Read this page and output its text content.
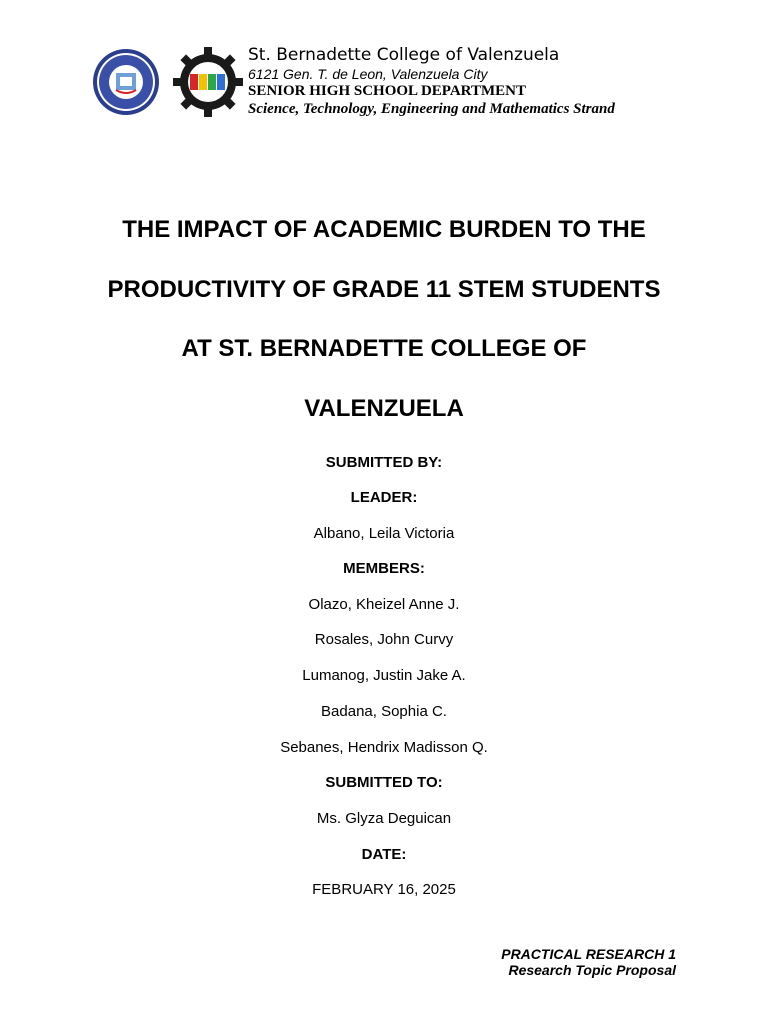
St. Bernadette College of Valenzuela
6121 Gen. T. de Leon, Valenzuela City
SENIOR HIGH SCHOOL DEPARTMENT
Science, Technology, Engineering and Mathematics Strand
THE IMPACT OF ACADEMIC BURDEN TO THE
PRODUCTIVITY OF GRADE 11 STEM STUDENTS
AT ST. BERNADETTE COLLEGE OF
VALENZUELA
SUBMITTED BY:
LEADER:
Albano, Leila Victoria
MEMBERS:
Olazo, Kheizel Anne J.
Rosales, John Curvy
Lumanog, Justin Jake A.
Badana, Sophia C.
Sebanes, Hendrix Madisson Q.
SUBMITTED TO:
Ms. Glyza Deguican
DATE:
FEBRUARY 16, 2025
PRACTICAL RESEARCH 1
Research Topic Proposal
